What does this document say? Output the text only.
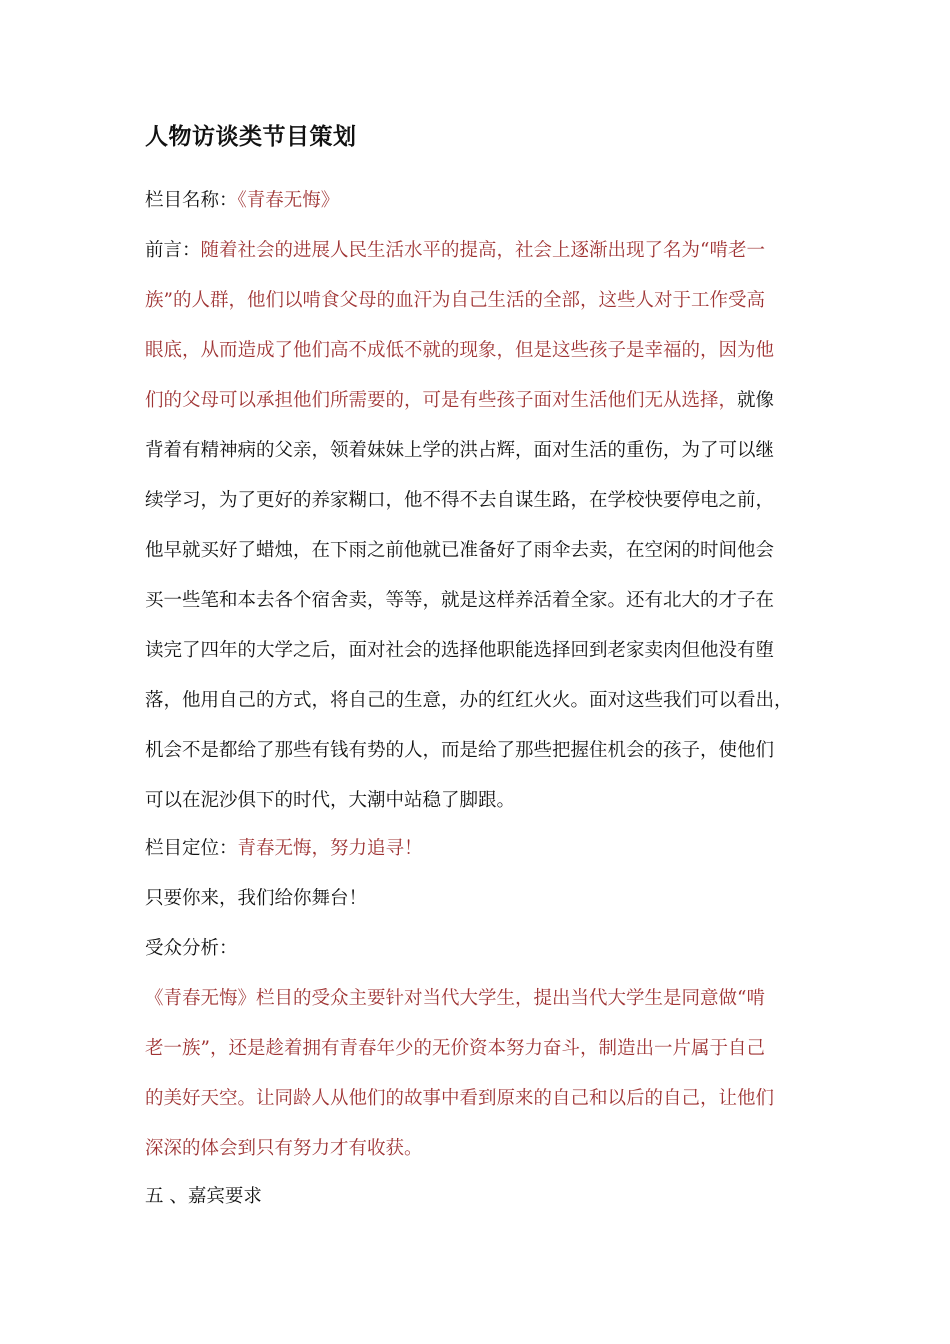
人物访谈类节目策划
栏目名称：《青春无悔》
前言：随着社会的进展人民生活水平的提高，社会上逐渐出现了名为“啃老一
族”的人群，他们以啃食父母的血汗为自己生活的全部，这些人对于工作受高
眼底，从而造成了他们高不成低不就的现象，但是这些孩子是幸福的，因为他
们的父母可以承担他们所需要的，可是有些孩子面对生活他们无从选择，就像
背着有精神病的父亲，领着妹妹上学的洪占辉，面对生活的重伤，为了可以继
续学习，为了更好的养家糊口，他不得不去自谋生路，在学校快要停电之前，
他早就买好了蜡烛，在下雨之前他就已准备好了雨伞去卖，在空闲的时间他会
买一些笔和本去各个宿舍卖，等等，就是这样养活着全家。还有北大的才子在
读完了四年的大学之后，面对社会的选择他职能选择回到老家卖肉但他没有堕
落，他用自己的方式，将自己的生意，办的红红火火。面对这些我们可以看出，
机会不是都给了那些有钱有势的人，而是给了那些把握住机会的孩子，使他们
可以在泥沙俱下的时代，大潮中站稳了脚跟。
栏目定位：青春无悔，努力追寻！
只要你来，我们给你舞台！
受众分析：
《青春无悔》栏目的受众主要针对当代大学生，提出当代大学生是同意做“啃
老一族”，还是趁着拥有青春年少的无价资本努力奋斗，制造出一片属于自己
的美好天空。让同龄人从他们的故事中看到原来的自己和以后的自己，让他们
深深的体会到只有努力才有收获。
五 、嘉宾要求
